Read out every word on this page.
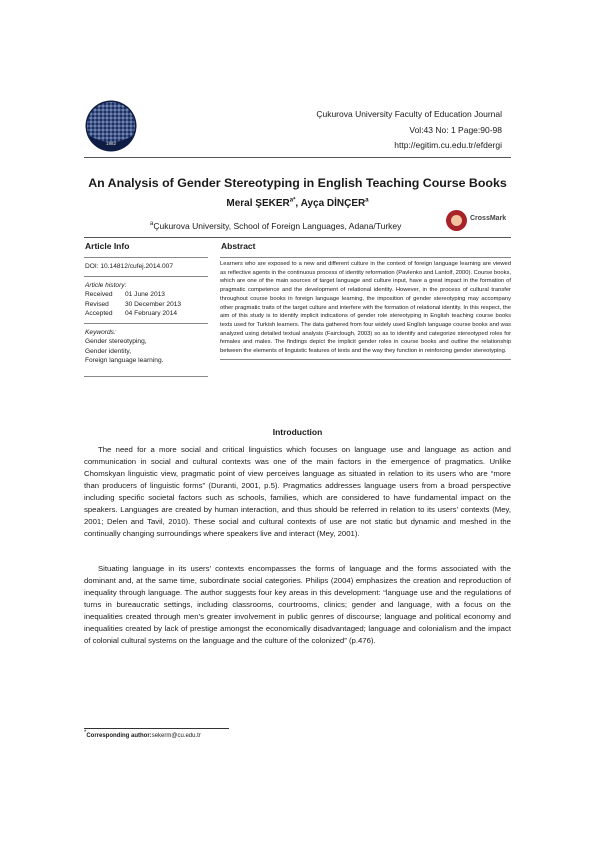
1982
Çukurova University Faculty of Education Journal
Vol:43 No: 1 Page:90-98
http://egitim.cu.edu.tr/efdergi
An Analysis of Gender Stereotyping in English Teaching Course Books
Meral $ŞEKER^{a*}$, Ayça DİNÇER$^a$
$^a$Çukurova University, School of Foreign Languages, Adana/Turkey
CrossMark
Article Info	Abstract
DOI: 10.14812/cufej.2014.007
Article history:
Received	01 June 2013
Revised	30 December 2013
Accepted	04 February 2014
Keywords:
Gender stereotyping,
Gender identity,
Foreign language learning.

Learners who are exposed to a new and different culture in the context of foreign language learning are viewed as reflective agents in the continuous process of identity reformation (Pavlenko and Lantolf, 2000). Course books, which are one of the main sources of target language and culture input, have a great impact in the formation of pragmatic competence and the development of relational identity. However, in the process of cultural transfer throughout course books in foreign language learning, the imposition of gender stereotyping may accompany other pragmatic traits of the target culture and interfere with the formation of relational identity. In this respect, the aim of this study is to identify implicit indications of gender role stereotyping in English teaching course books texts used for Turkish learners. The data gathered from four widely used English language course books and was analyzed using detailed textual analysis (Fairclough, 2003) so as to identify and categorize stereotyped roles for females and males. The findings depict the implicit gender roles in course books and outline the relationship between the elements of linguistic features of texts and the way they function in reinforcing gender stereotyping.

Introduction

The need for a more social and critical linguistics which focuses on language use and language as action and communication in social and cultural contexts was one of the main factors in the emergence of pragmatics. Unlike Chomskyan linguistic view, pragmatic point of view perceives language as situated in relation to its users who are “more than producers of linguistic forms” (Duranti, 2001, p.5). Pragmatics addresses language users from a broad perspective including specific societal factors such as schools, families, which are considered to have fundamental impact on the speakers. Languages are created by human interaction, and thus should be referred in relation to its users’ contexts (Mey, 2001; Delen and Tavil, 2010). These social and cultural contexts of use are not static but dynamic and meshed in the continually changing surroundings where speakers live and interact (Mey, 2001).

Situating language in its users’ contexts encompasses the forms of language and the forms associated with the dominant and, at the same time, subordinate social categories. Philips (2004) emphasizes the creation and reproduction of inequality through language. The author suggests four key areas in this development: “language use and the regulations of turns in bureaucratic settings, including classrooms, courtrooms, clinics; gender and language, with a focus on the inequalities created through men’s greater involvement in public genres of discourse; language and political economy and inequalities created by lack of prestige amongst the economically disadvantaged; language and colonialism and the impact of colonial cultural systems on the language and the culture of the colonized” (p.476).

*Corresponding author:sekerm@cu.edu.tr
